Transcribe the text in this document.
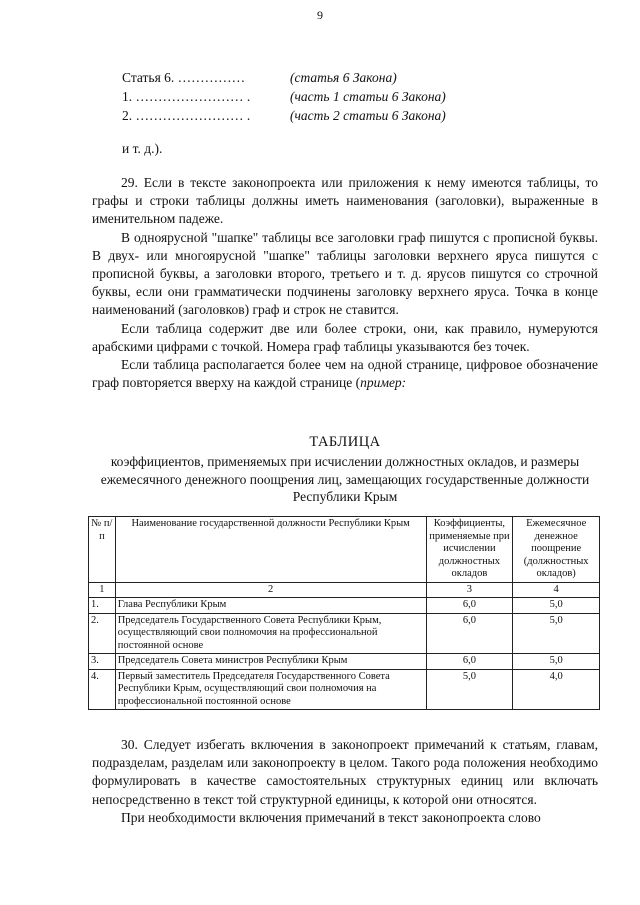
9
Статья 6. ……………	(статья 6 Закона)
1. …………………… .	(часть 1 статьи 6 Закона)
2. …………………… .	(часть 2 статьи 6 Закона)
и т. д.).

29. Если в тексте законопроекта или приложения к нему имеются таблицы, то графы и строки таблицы должны иметь наименования (заголовки), выраженные в именительном падеже.

В одноярусной "шапке" таблицы все заголовки граф пишутся с прописной буквы. В двух- или многоярусной "шапке" таблицы заголовки верхнего яруса пишутся с прописной буквы, а заголовки второго, третьего и т. д. ярусов пишутся со строчной буквы, если они грамматически подчинены заголовку верхнего яруса. Точка в конце наименований (заголовков) граф и строк не ставится.

Если таблица содержит две или более строки, они, как правило, нумеруются арабскими цифрами с точкой. Номера граф таблицы указываются без точек.

Если таблица располагается более чем на одной странице, цифровое обозначение граф повторяется вверху на каждой странице (пример:

ТАБЛИЦА
коэффициентов, применяемых при исчислении должностных окладов, и размеры ежемесячного денежного поощрения лиц, замещающих государственные должности Республики Крым
№ п/п	Наименование государственной должности Республики Крым	Коэффициенты, применяемые при исчислении должностных окладов	Ежемесячное денежное поощрение (должностных окладов)
1	2	3	4
1.	Глава Республики Крым	6,0	5,0
2.	Председатель Государственного Совета Республики Крым, осуществляющий свои полномочия на профессиональной постоянной основе	6,0	5,0
3.	Председатель Совета министров Республики Крым	6,0	5,0
4.	Первый заместитель Председателя Государственного Совета Республики Крым, осуществляющий свои полномочия на профессиональной постоянной основе	5,0	4,0

30. Следует избегать включения в законопроект примечаний к статьям, главам, подразделам, разделам или законопроекту в целом. Такого рода положения необходимо формулировать в качестве самостоятельных структурных единиц или включать непосредственно в текст той структурной единицы, к которой они относятся.

При необходимости включения примечаний в текст законопроекта слово
